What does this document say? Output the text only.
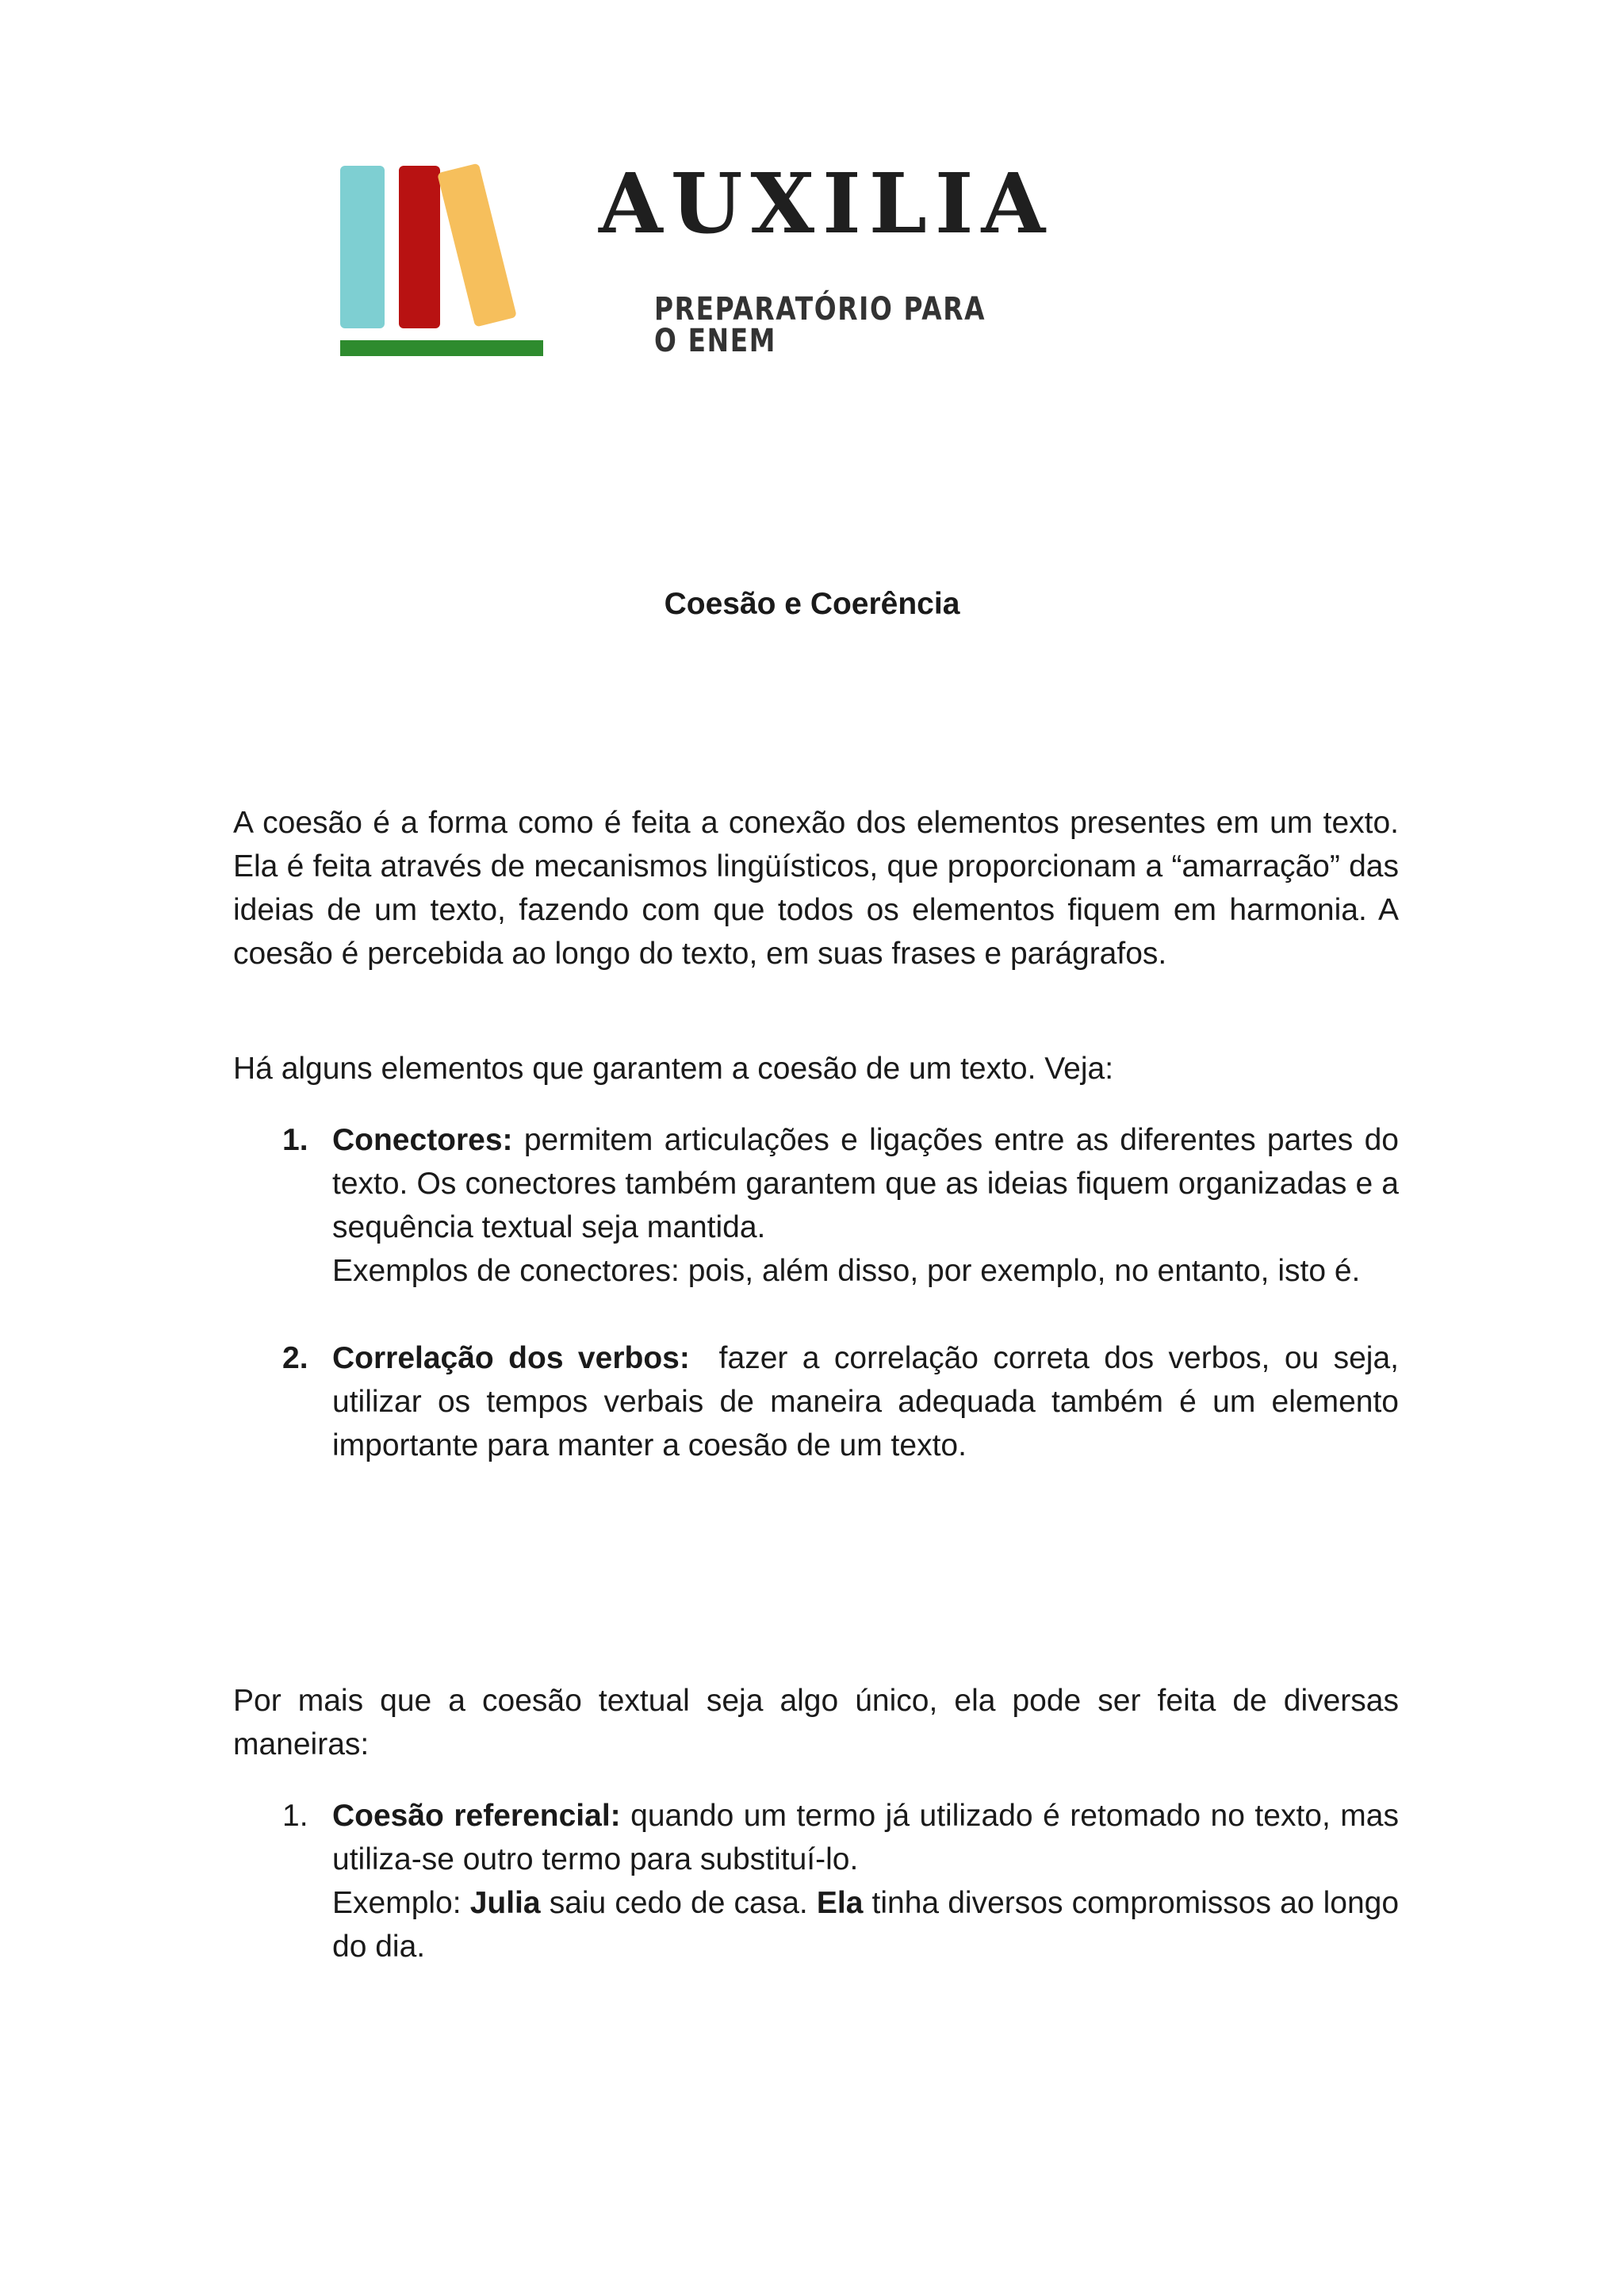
AUXILIA
PREPARATÓRIO PARA O ENEM
Coesão e Coerência

A coesão é a forma como é feita a conexão dos elementos presentes em um texto. Ela é feita através de mecanismos lingüísticos, que proporcionam a “amarração” das ideias de um texto, fazendo com que todos os elementos fiquem em harmonia. A coesão é percebida ao longo do texto, em suas frases e parágrafos.

Há alguns elementos que garantem a coesão de um texto. Veja:

1. Conectores: permitem articulações e ligações entre as diferentes partes do texto. Os conectores também garantem que as ideias fiquem organizadas e a sequência textual seja mantida.

Exemplos de conectores: pois, além disso, por exemplo, no entanto, isto é.

2. Correlação dos verbos:  fazer a correlação correta dos verbos, ou seja, utilizar os tempos verbais de maneira adequada também é um elemento importante para manter a coesão de um texto.

Por mais que a coesão textual seja algo único, ela pode ser feita de diversas maneiras:

1. Coesão referencial: quando um termo já utilizado é retomado no texto, mas utiliza-se outro termo para substituí-lo.

Exemplo: Julia saiu cedo de casa. Ela tinha diversos compromissos ao longo do dia.
